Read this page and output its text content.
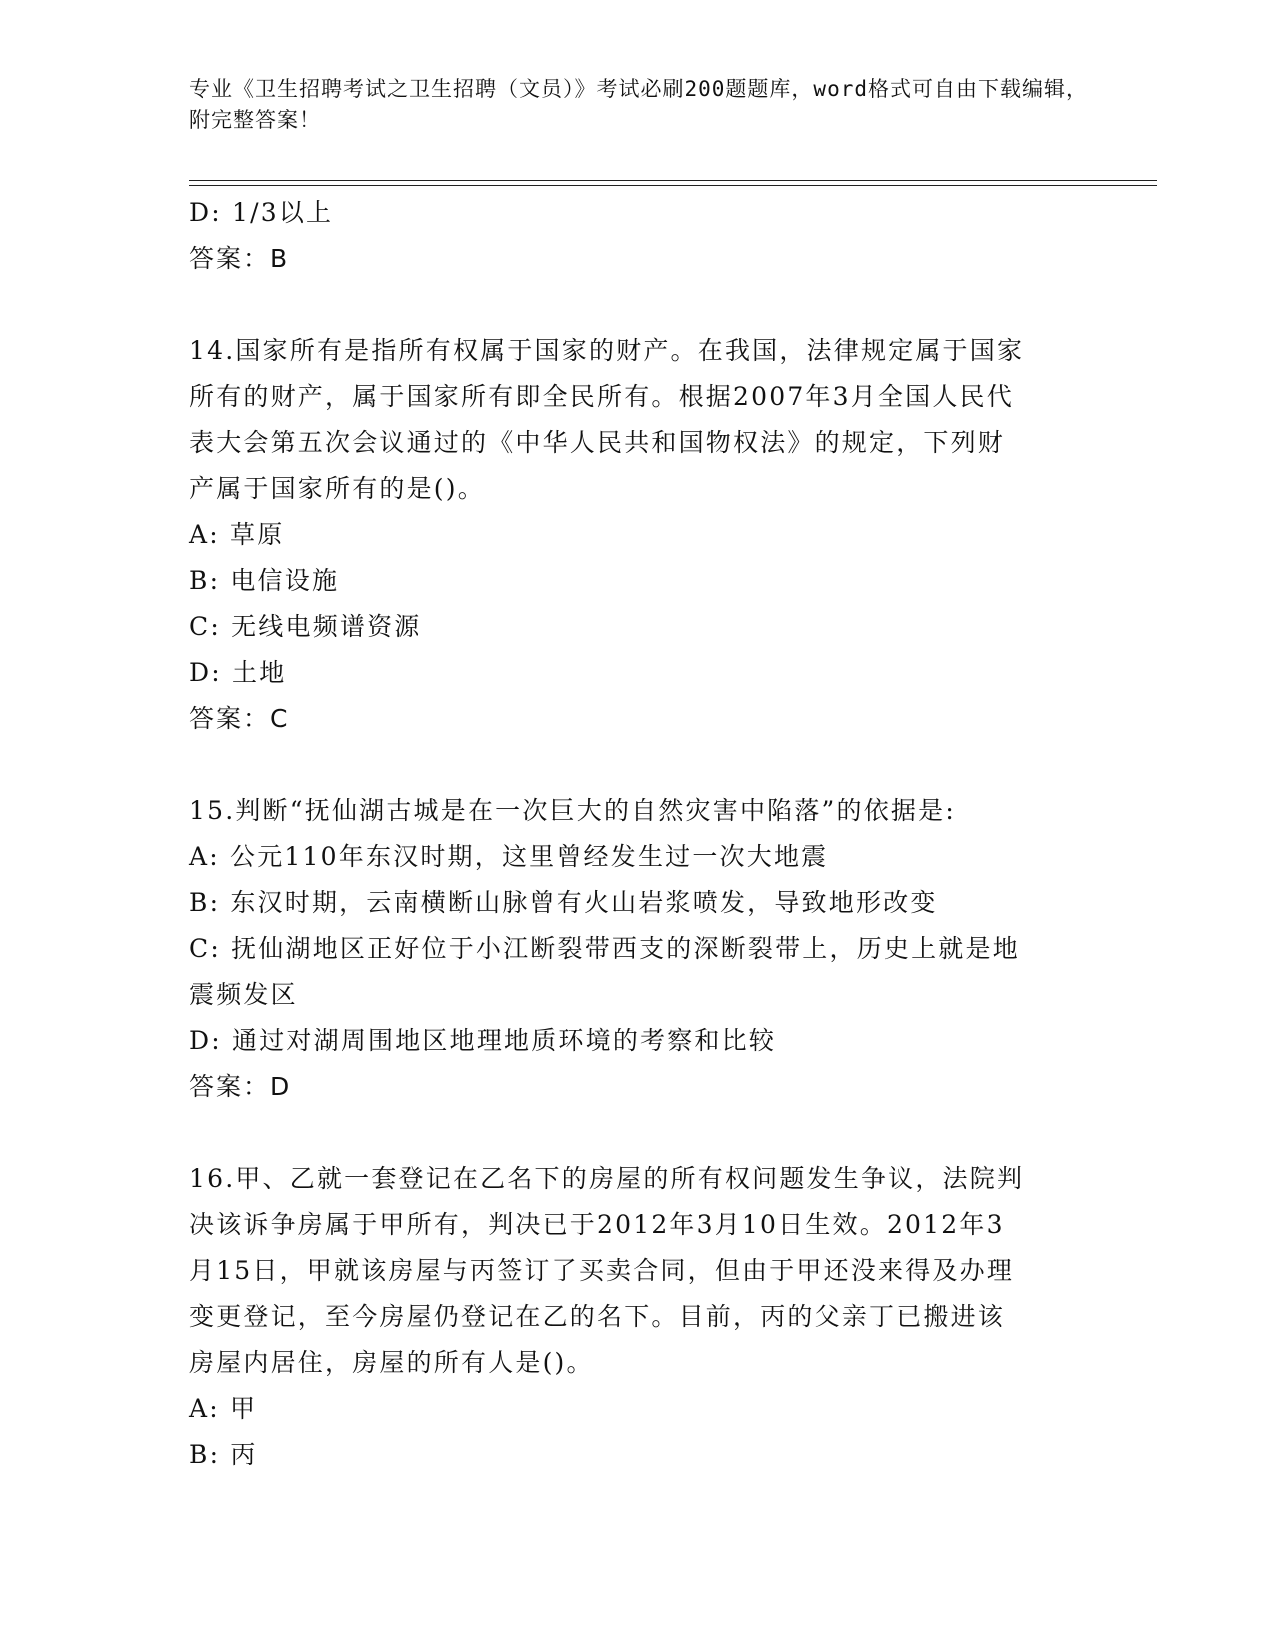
专业《卫生招聘考试之卫生招聘（文员）》考试必刷200题题库，word格式可自由下载编辑，附完整答案！

D: 1/3以上

答案：B

14.国家所有是指所有权属于国家的财产。在我国，法律规定属于国家

所有的财产，属于国家所有即全民所有。根据2007年3月全国人民代

表大会第五次会议通过的《中华人民共和国物权法》的规定，下列财

产属于国家所有的是()。

A: 草原

B: 电信设施

C: 无线电频谱资源

D: 土地

答案：C

15.判断“抚仙湖古城是在一次巨大的自然灾害中陷落”的依据是:

A: 公元110年东汉时期，这里曾经发生过一次大地震

B: 东汉时期，云南横断山脉曾有火山岩浆喷发，导致地形改变

C: 抚仙湖地区正好位于小江断裂带西支的深断裂带上，历史上就是地

震频发区

D: 通过对湖周围地区地理地质环境的考察和比较

答案：D

16.甲、乙就一套登记在乙名下的房屋的所有权问题发生争议，法院判

决该诉争房属于甲所有，判决已于2012年3月10日生效。2012年3

月15日，甲就该房屋与丙签订了买卖合同，但由于甲还没来得及办理

变更登记，至今房屋仍登记在乙的名下。目前，丙的父亲丁已搬进该

房屋内居住，房屋的所有人是()。

A: 甲

B: 丙
